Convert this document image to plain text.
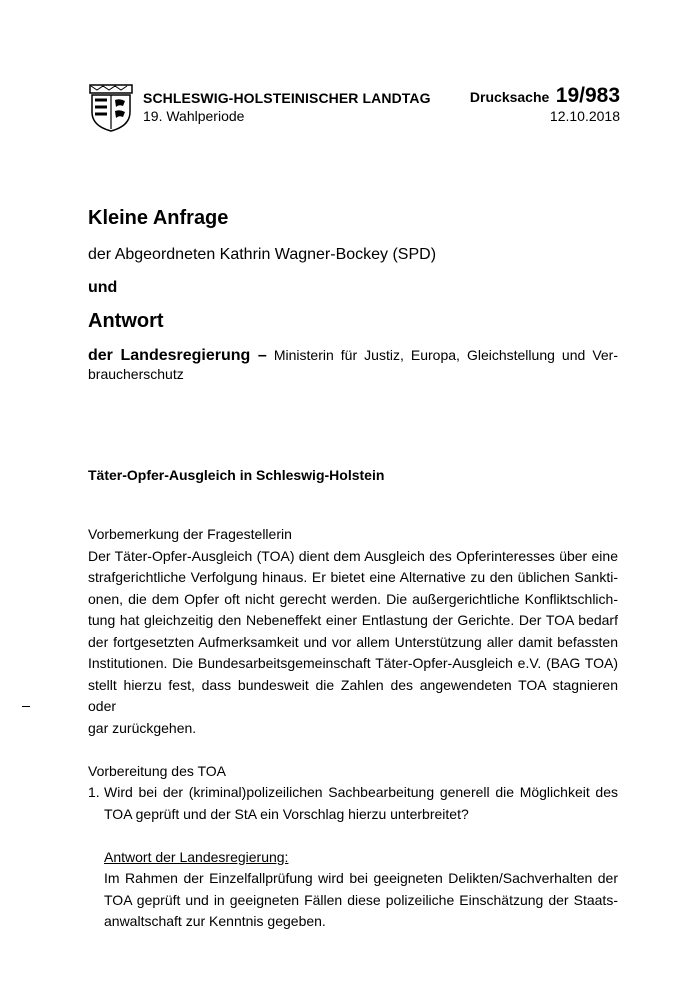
SCHLESWIG-HOLSTEINISCHER LANDTAG
19. Wahlperiode
Drucksache 19/983
12.10.2018
Kleine Anfrage
der Abgeordneten Kathrin Wagner-Bockey (SPD)
und
Antwort
der Landesregierung – Ministerin für Justiz, Europa, Gleichstellung und Ver-
braucherschutz
Täter-Opfer-Ausgleich in Schleswig-Holstein

Vorbemerkung der Fragestellerin

Der Täter-Opfer-Ausgleich (TOA) dient dem Ausgleich des Opferinteresses über eine

strafgerichtliche Verfolgung hinaus. Er bietet eine Alternative zu den üblichen Sankti-

onen, die dem Opfer oft nicht gerecht werden. Die außergerichtliche Konfliktschlich-

tung hat gleichzeitig den Nebeneffekt einer Entlastung der Gerichte. Der TOA bedarf

der fortgesetzten Aufmerksamkeit und vor allem Unterstützung aller damit befassten

Institutionen. Die Bundesarbeitsgemeinschaft Täter-Opfer-Ausgleich e.V. (BAG TOA)

stellt hierzu fest, dass bundesweit die Zahlen des angewendeten TOA stagnieren oder

gar zurückgehen.

Vorbereitung des TOA

1. Wird bei der (kriminal)polizeilichen Sachbearbeitung generell die Möglichkeit des

TOA geprüft und der StA ein Vorschlag hierzu unterbreitet?

Antwort der Landesregierung:

Im Rahmen der Einzelfallprüfung wird bei geeigneten Delikten/Sachverhalten der

TOA geprüft und in geeigneten Fällen diese polizeiliche Einschätzung der Staats-

anwaltschaft zur Kenntnis gegeben.
